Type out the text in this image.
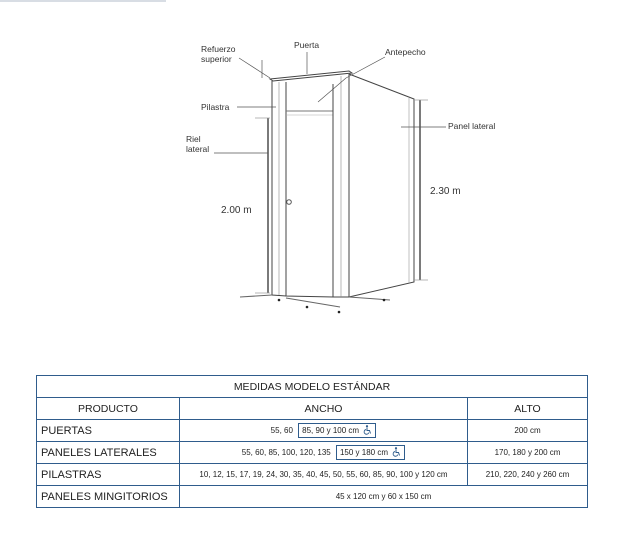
Refuerzo
superior
Puerta
Antepecho
Pilastra
Riel
lateral
Panel lateral
2.00 m
2.30 m
MEDIDAS MODELO ESTÁNDAR		
PRODUCTO	ANCHO	ALTO
PUERTAS	55, 60 85, 90 y 100 cm	200 cm
PANELES LATERALES	55, 60, 85, 100, 120, 135 150 y 180 cm	170, 180 y 200 cm
PILASTRAS	10, 12, 15, 17, 19, 24, 30, 35, 40, 45, 50, 55, 60, 85, 90, 100 y 120 cm	210, 220, 240 y 260 cm
PANELES MINGITORIOS	45 x 120 cm y 60 x 150 cm	
